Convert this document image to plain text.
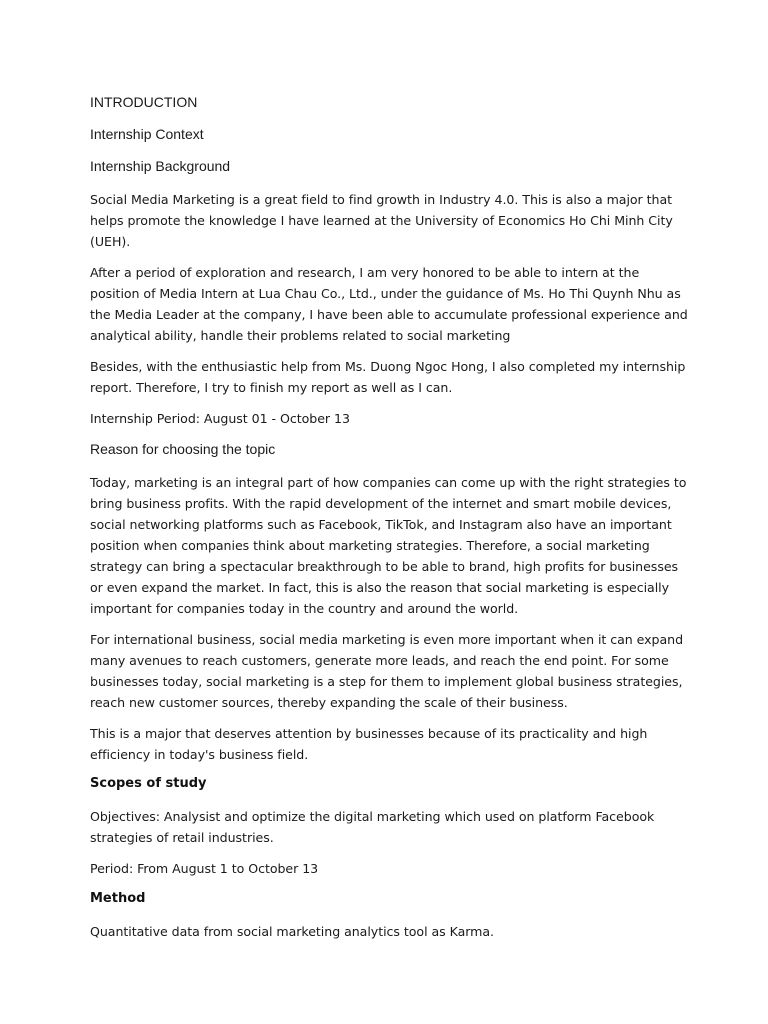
INTRODUCTION
Internship Context
Internship Background

Social Media Marketing is a great field to find growth in Industry 4.0. This is also a major that helps promote the knowledge I have learned at the University of Economics Ho Chi Minh City (UEH).

After a period of exploration and research, I am very honored to be able to intern at the position of Media Intern at Lua Chau Co., Ltd., under the guidance of Ms. Ho Thi Quynh Nhu as the Media Leader at the company, I have been able to accumulate professional experience and analytical ability, handle their problems related to social marketing

Besides, with the enthusiastic help from Ms. Duong Ngoc Hong, I also completed my internship report. Therefore, I try to finish my report as well as I can.

Internship Period: August 01 - October 13

Reason for choosing the topic

Today, marketing is an integral part of how companies can come up with the right strategies to bring business profits. With the rapid development of the internet and smart mobile devices, social networking platforms such as Facebook, TikTok, and Instagram also have an important position when companies think about marketing strategies. Therefore, a social marketing strategy can bring a spectacular breakthrough to be able to brand, high profits for businesses or even expand the market. In fact, this is also the reason that social marketing is especially important for companies today in the country and around the world.

For international business, social media marketing is even more important when it can expand many avenues to reach customers, generate more leads, and reach the end point. For some businesses today, social marketing is a step for them to implement global business strategies, reach new customer sources, thereby expanding the scale of their business.

This is a major that deserves attention by businesses because of its practicality and high efficiency in today's business field.

Scopes of study

Objectives: Analysist and optimize the digital marketing which used on platform Facebook strategies of retail industries.

Period: From August 1 to October 13

Method

Quantitative data from social marketing analytics tool as Karma.
